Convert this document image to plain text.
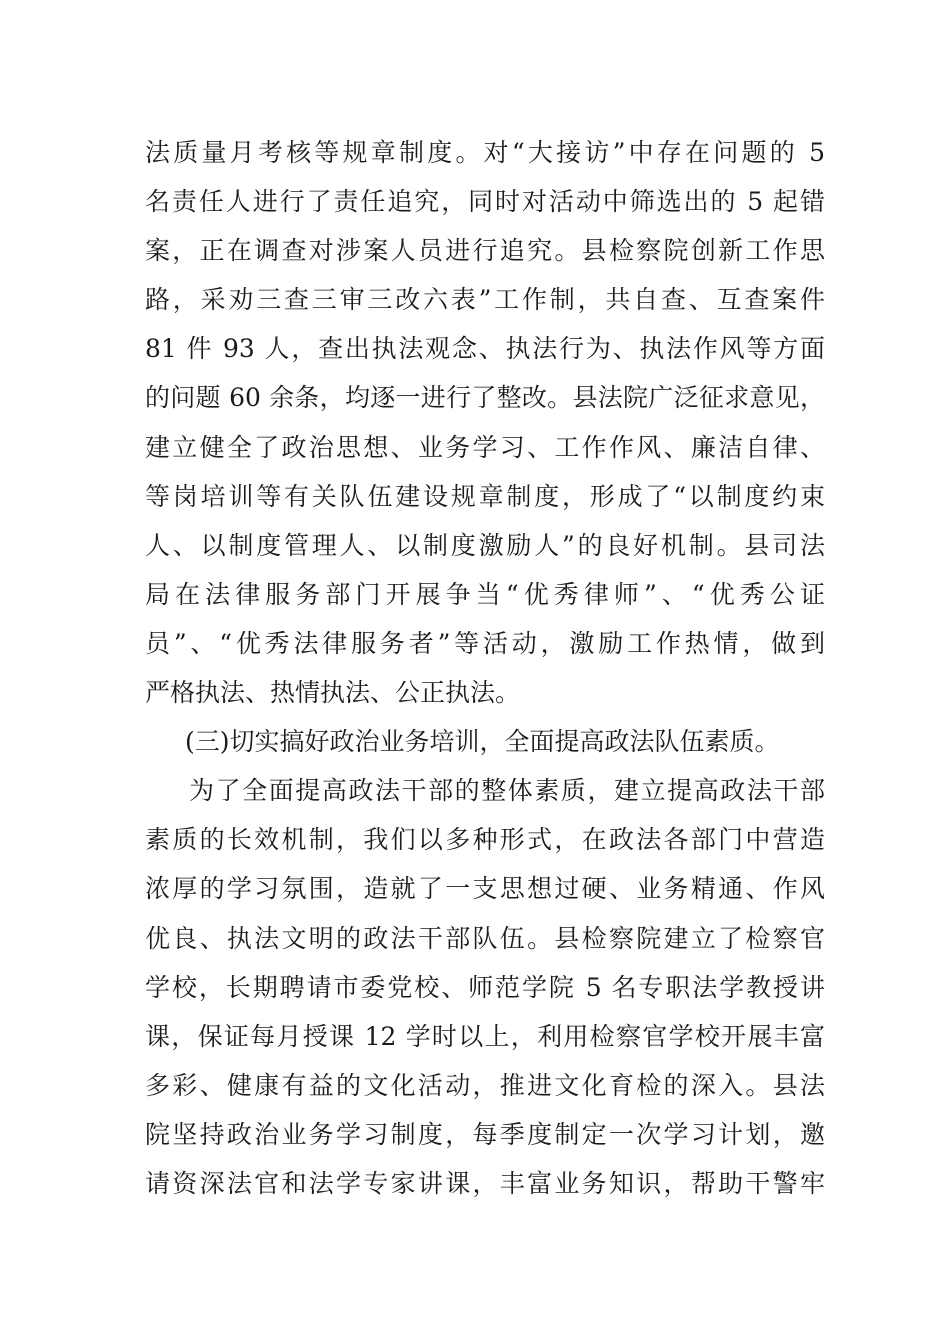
法质量月考核等规章制度。对“大接访”中存在问题的 5
名责任人进行了责任追究，同时对活动中筛选出的 5 起错
案，正在调查对涉案人员进行追究。县检察院创新工作思
路，采劝三查三审三改六表”工作制，共自查、互查案件
81 件 93 人，查出执法观念、执法行为、执法作风等方面
的问题 60 余条，均逐一进行了整改。县法院广泛征求意见，
建立健全了政治思想、业务学习、工作作风、廉洁自律、
等岗培训等有关队伍建设规章制度，形成了“以制度约束
人、以制度管理人、以制度激励人”的良好机制。县司法
局在法律服务部门开展争当“优秀律师”、“优秀公证
员”、“优秀法律服务者”等活动，激励工作热情，做到
严格执法、热情执法、公正执法。
(三)切实搞好政治业务培训，全面提高政法队伍素质。
为了全面提高政法干部的整体素质，建立提高政法干部
素质的长效机制，我们以多种形式，在政法各部门中营造
浓厚的学习氛围，造就了一支思想过硬、业务精通、作风
优良、执法文明的政法干部队伍。县检察院建立了检察官
学校，长期聘请市委党校、师范学院 5 名专职法学教授讲
课，保证每月授课 12 学时以上，利用检察官学校开展丰富
多彩、健康有益的文化活动，推进文化育检的深入。县法
院坚持政治业务学习制度，每季度制定一次学习计划，邀
请资深法官和法学专家讲课，丰富业务知识，帮助干警牢
